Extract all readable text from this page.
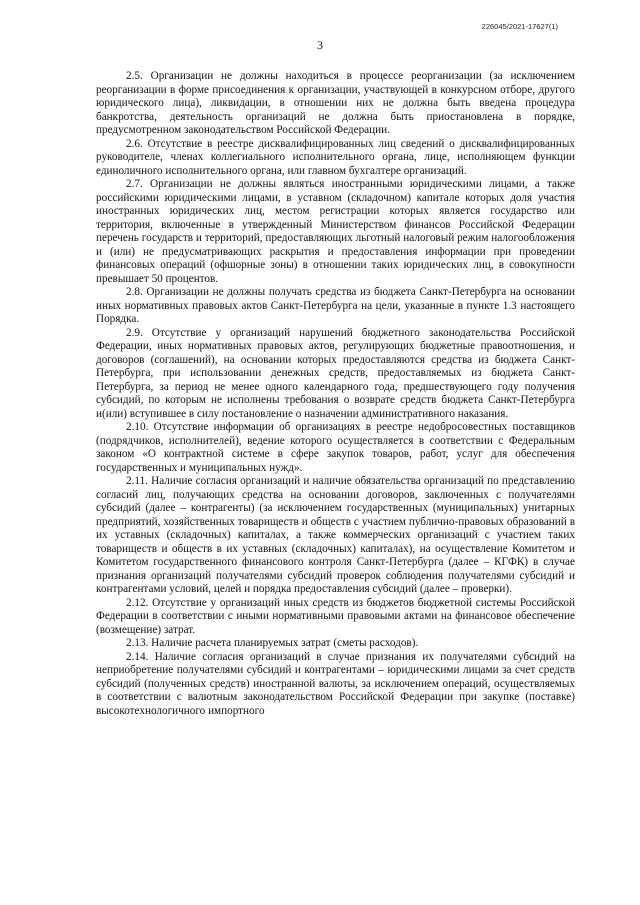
226045/2021-17627(1)
3

2.5. Организации не должны находиться в процессе реорганизации (за исключением реорганизации в форме присоединения к организации, участвующей в конкурсном отборе, другого юридического лица), ликвидации, в отношении них не должна быть введена процедура банкротства, деятельность организаций не должна быть приостановлена в порядке, предусмотренном законодательством Российской Федерации.

2.6. Отсутствие в реестре дисквалифицированных лиц сведений о дисквалифицированных руководителе, членах коллегиального исполнительного органа, лице, исполняющем функции единоличного исполнительного органа, или главном бухгалтере организаций.

2.7. Организации не должны являться иностранными юридическими лицами, а также российскими юридическими лицами, в уставном (складочном) капитале которых доля участия иностранных юридических лиц, местом регистрации которых является государство или территория, включенные в утвержденный Министерством финансов Российской Федерации перечень государств и территорий, предоставляющих льготный налоговый режим налогообложения и (или) не предусматривающих раскрытия и предоставления информации при проведении финансовых операций (офшорные зоны) в отношении таких юридических лиц, в совокупности превышает 50 процентов.

2.8. Организации не должны получать средства из бюджета Санкт-Петербурга на основании иных нормативных правовых актов Санкт-Петербурга на цели, указанные в пункте 1.3 настоящего Порядка.

2.9. Отсутствие у организаций нарушений бюджетного законодательства Российской Федерации, иных нормативных правовых актов, регулирующих бюджетные правоотношения, и договоров (соглашений), на основании которых предоставляются средства из бюджета Санкт-Петербурга, при использовании денежных средств, предоставляемых из бюджета Санкт-Петербурга, за период не менее одного календарного года, предшествующего году получения субсидий, по которым не исполнены требования о возврате средств бюджета Санкт-Петербурга и(или) вступившее в силу постановление о назначении административного наказания.

2.10. Отсутствие информации об организациях в реестре недобросовестных поставщиков (подрядчиков, исполнителей), ведение которого осуществляется в соответствии с Федеральным законом «О контрактной системе в сфере закупок товаров, работ, услуг для обеспечения государственных и муниципальных нужд».

2.11. Наличие согласия организаций и наличие обязательства организаций по представлению согласий лиц, получающих средства на основании договоров, заключенных с получателями субсидий (далее – контрагенты) (за исключением государственных (муниципальных) унитарных предприятий, хозяйственных товариществ и обществ с участием публично-правовых образований в их уставных (складочных) капиталах, а также коммерческих организаций с участием таких товариществ и обществ в их уставных (складочных) капиталах), на осуществление Комитетом и Комитетом государственного финансового контроля Санкт-Петербурга (далее – КГФК) в случае признания организаций получателями субсидий проверок соблюдения получателями субсидий и контрагентами условий, целей и порядка предоставления субсидий (далее – проверки).

2.12. Отсутствие у организаций иных средств из бюджетов бюджетной системы Российской Федерации в соответствии с иными нормативными правовыми актами на финансовое обеспечение (возмещение) затрат.

2.13. Наличие расчета планируемых затрат (сметы расходов).

2.14. Наличие согласия организаций в случае признания их получателями субсидий на неприобретение получателями субсидий и контрагентами – юридическими лицами за счет средств субсидий (полученных средств) иностранной валюты, за исключением операций, осуществляемых в соответствии с валютным законодательством Российской Федерации при закупке (поставке) высокотехнологичного импортного
